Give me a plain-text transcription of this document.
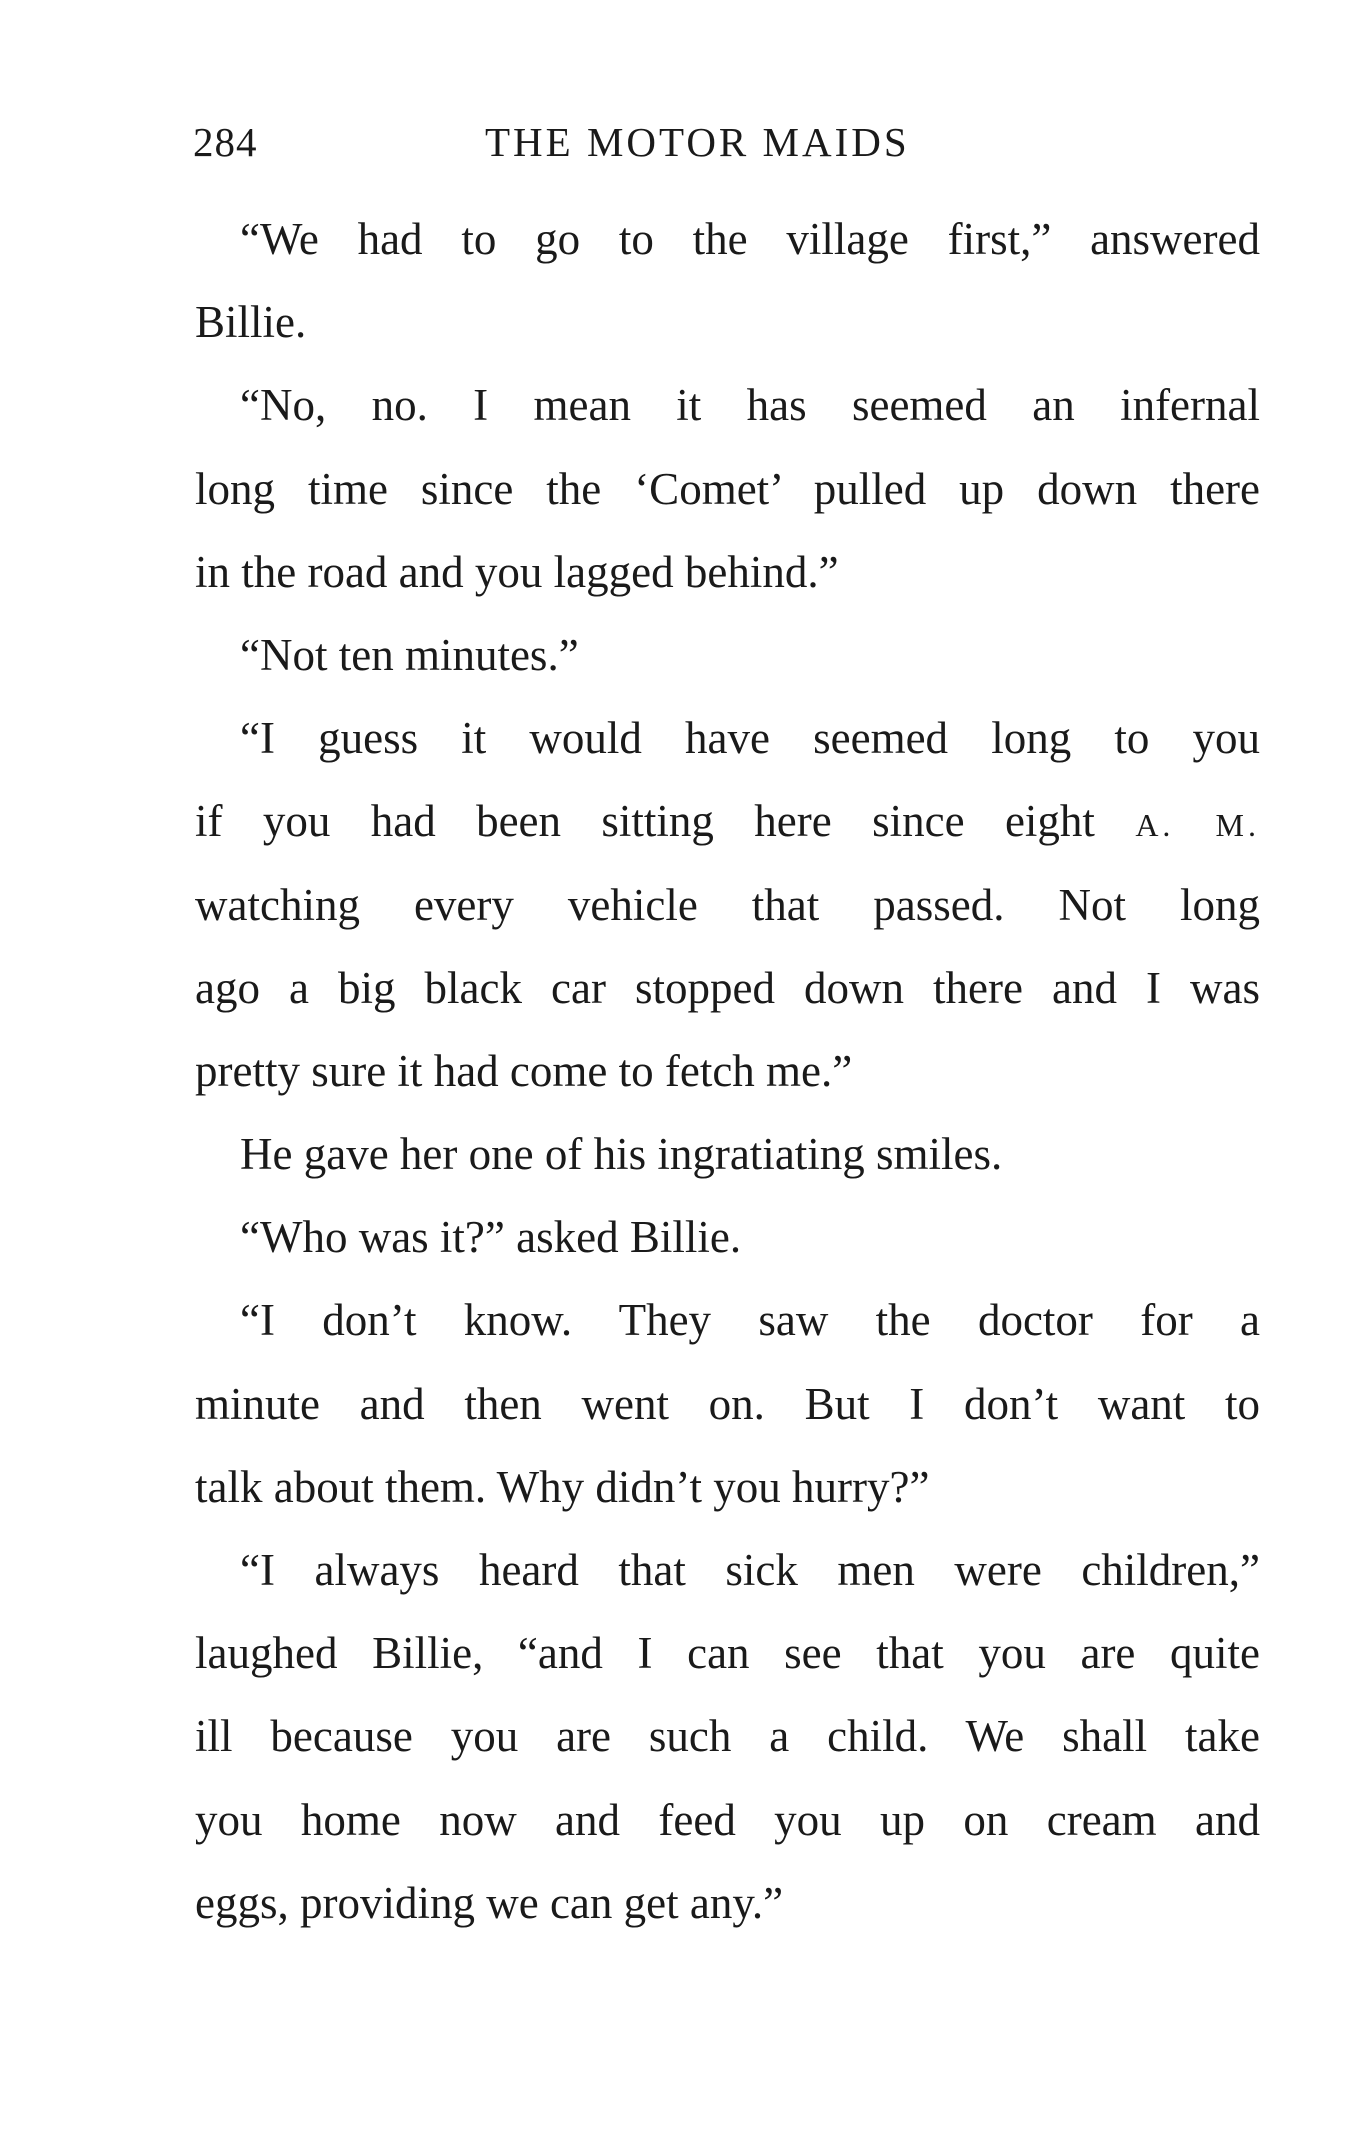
284	THE MOTOR MAIDS
“We had to go to the village first,” answered
Billie.
“No, no. I mean it has seemed an infernal
long time since the ‘Comet’ pulled up down there
in the road and you lagged behind.”
“Not ten minutes.”
“I guess it would have seemed long to you
if you had been sitting here since eight A. M.
watching every vehicle that passed. Not long
ago a big black car stopped down there and I was
pretty sure it had come to fetch me.”
He gave her one of his ingratiating smiles.
“Who was it?” asked Billie.
“I don’t know. They saw the doctor for a
minute and then went on. But I don’t want to
talk about them. Why didn’t you hurry?”
“I always heard that sick men were children,”
laughed Billie, “and I can see that you are quite
ill because you are such a child. We shall take
you home now and feed you up on cream and
eggs, providing we can get any.”
